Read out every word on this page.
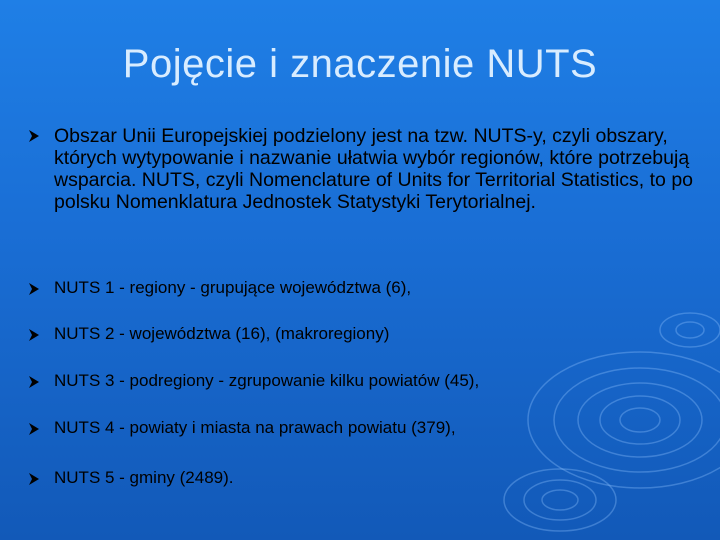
Pojęcie i znaczenie NUTS
Obszar Unii Europejskiej podzielony jest na tzw. NUTS-y, czyli obszary, których wytypowanie i nazwanie ułatwia wybór regionów, które potrzebują wsparcia. NUTS, czyli Nomenclature of Units for Territorial Statistics, to po polsku Nomenklatura Jednostek Statystyki Terytorialnej.
NUTS 1 - regiony - grupujące województwa (6),
NUTS 2 - województwa (16), (makroregiony)
NUTS 3 - podregiony - zgrupowanie kilku powiatów (45),
NUTS 4 - powiaty i miasta na prawach powiatu (379),
NUTS 5 - gminy (2489).
